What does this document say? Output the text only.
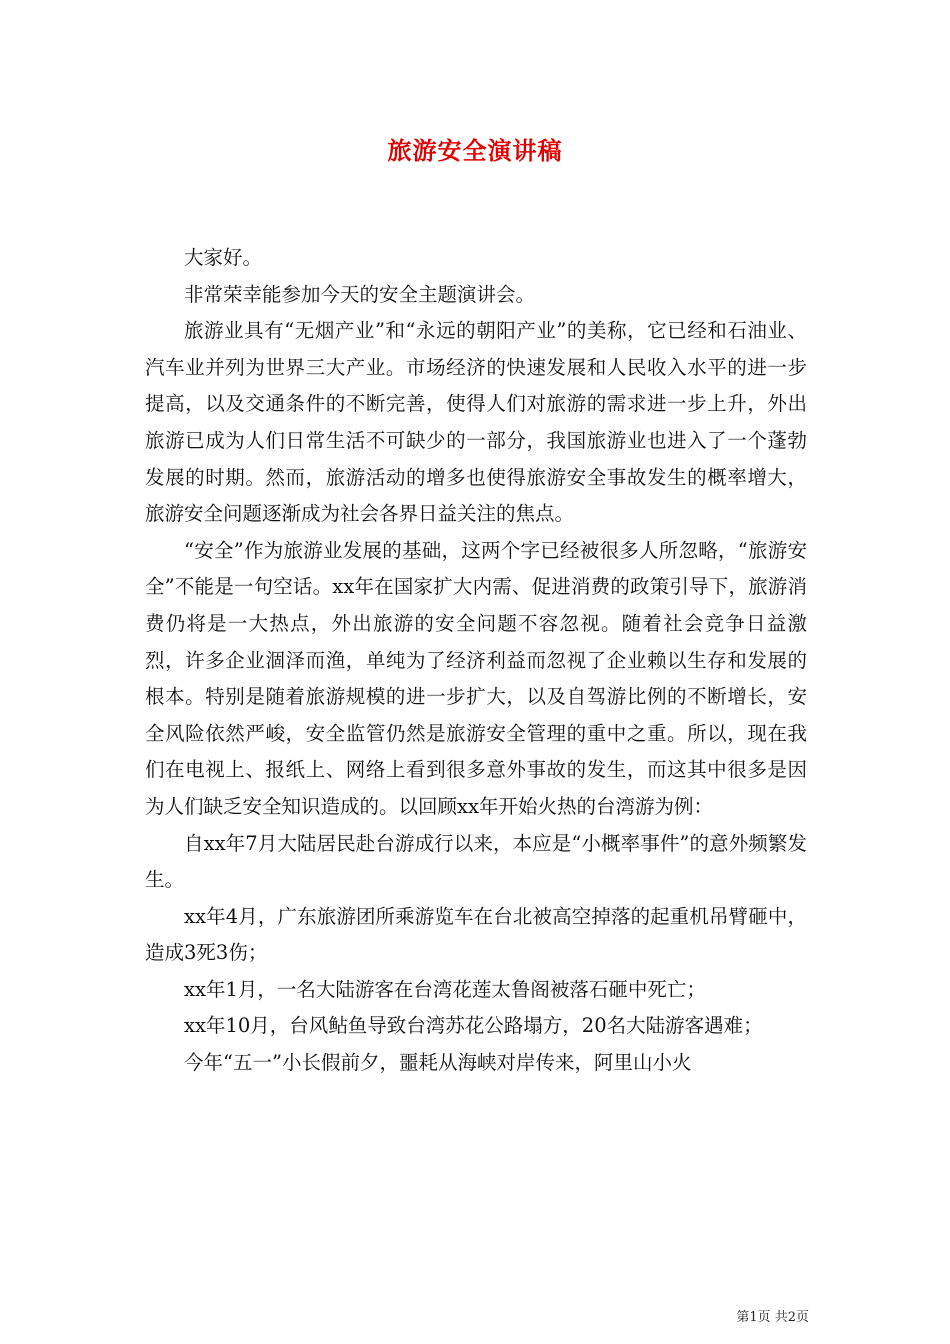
旅游安全演讲稿

大家好。

非常荣幸能参加今天的安全主题演讲会。

旅游业具有“无烟产业”和“永远的朝阳产业”的美称，它已经和石油业、汽车业并列为世界三大产业。市场经济的快速发展和人民收入水平的进一步提高，以及交通条件的不断完善，使得人们对旅游的需求进一步上升，外出旅游已成为人们日常生活不可缺少的一部分，我国旅游业也进入了一个蓬勃发展的时期。然而，旅游活动的增多也使得旅游安全事故发生的概率增大，旅游安全问题逐渐成为社会各界日益关注的焦点。

“安全”作为旅游业发展的基础，这两个字已经被很多人所忽略，“旅游安全”不能是一句空话。xx年在国家扩大内需、促进消费的政策引导下，旅游消费仍将是一大热点，外出旅游的安全问题不容忽视。随着社会竞争日益激烈，许多企业涸泽而渔，单纯为了经济利益而忽视了企业赖以生存和发展的根本。特别是随着旅游规模的进一步扩大，以及自驾游比例的不断增长，安全风险依然严峻，安全监管仍然是旅游安全管理的重中之重。所以，现在我们在电视上、报纸上、网络上看到很多意外事故的发生，而这其中很多是因为人们缺乏安全知识造成的。以回顾xx年开始火热的台湾游为例：

自xx年7月大陆居民赴台游成行以来，本应是“小概率事件”的意外频繁发生。

xx年4月，广东旅游团所乘游览车在台北被高空掉落的起重机吊臂砸中，造成3死3伤；

xx年1月，一名大陆游客在台湾花莲太鲁阁被落石砸中死亡；

xx年10月，台风鲇鱼导致台湾苏花公路塌方，20名大陆游客遇难；

今年“五一”小长假前夕，噩耗从海峡对岸传来，阿里山小火

第1页 共2页
